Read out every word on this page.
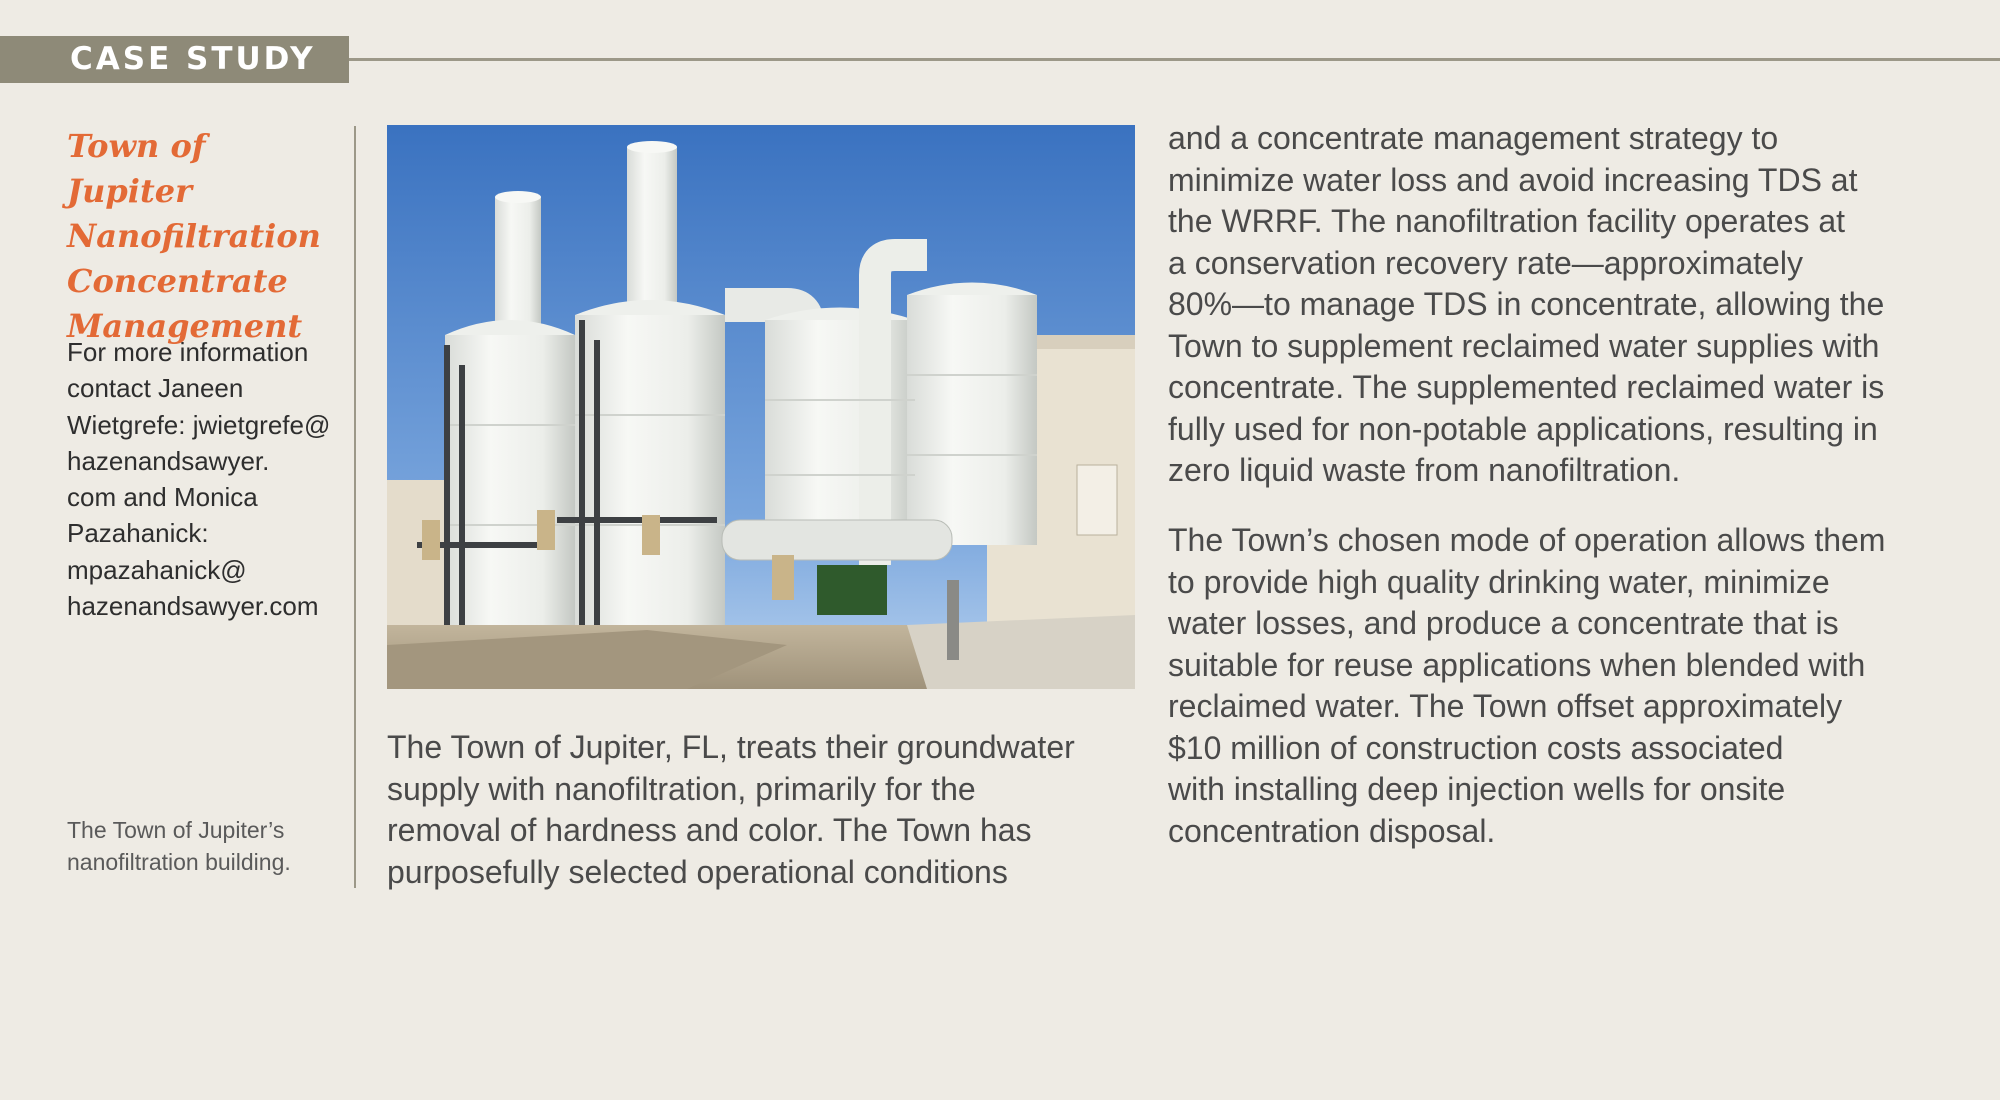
CASE STUDY
Town of Jupiter
Nanofiltration
Concentrate
Management

For more information
contact Janeen
Wietgrefe: jwietgrefe@
hazenandsawyer.
com and Monica
Pazahanick:
mpazahanick@
hazenandsawyer.com

The Town of Jupiter’s
nanofiltration building.

The Town of Jupiter, FL, treats their groundwater
supply with nanofiltration, primarily for the
removal of hardness and color. The Town has
purposefully selected operational conditions

and a concentrate management strategy to
minimize water loss and avoid increasing TDS at
the WRRF. The nanofiltration facility operates at
a conservation recovery rate—approximately
80%—to manage TDS in concentrate, allowing the
Town to supplement reclaimed water supplies with
concentrate. The supplemented reclaimed water is
fully used for non-potable applications, resulting in
zero liquid waste from nanofiltration.

The Town’s chosen mode of operation allows them
to provide high quality drinking water, minimize
water losses, and produce a concentrate that is
suitable for reuse applications when blended with
reclaimed water. The Town offset approximately
$10 million of construction costs associated
with installing deep injection wells for onsite
concentration disposal.
